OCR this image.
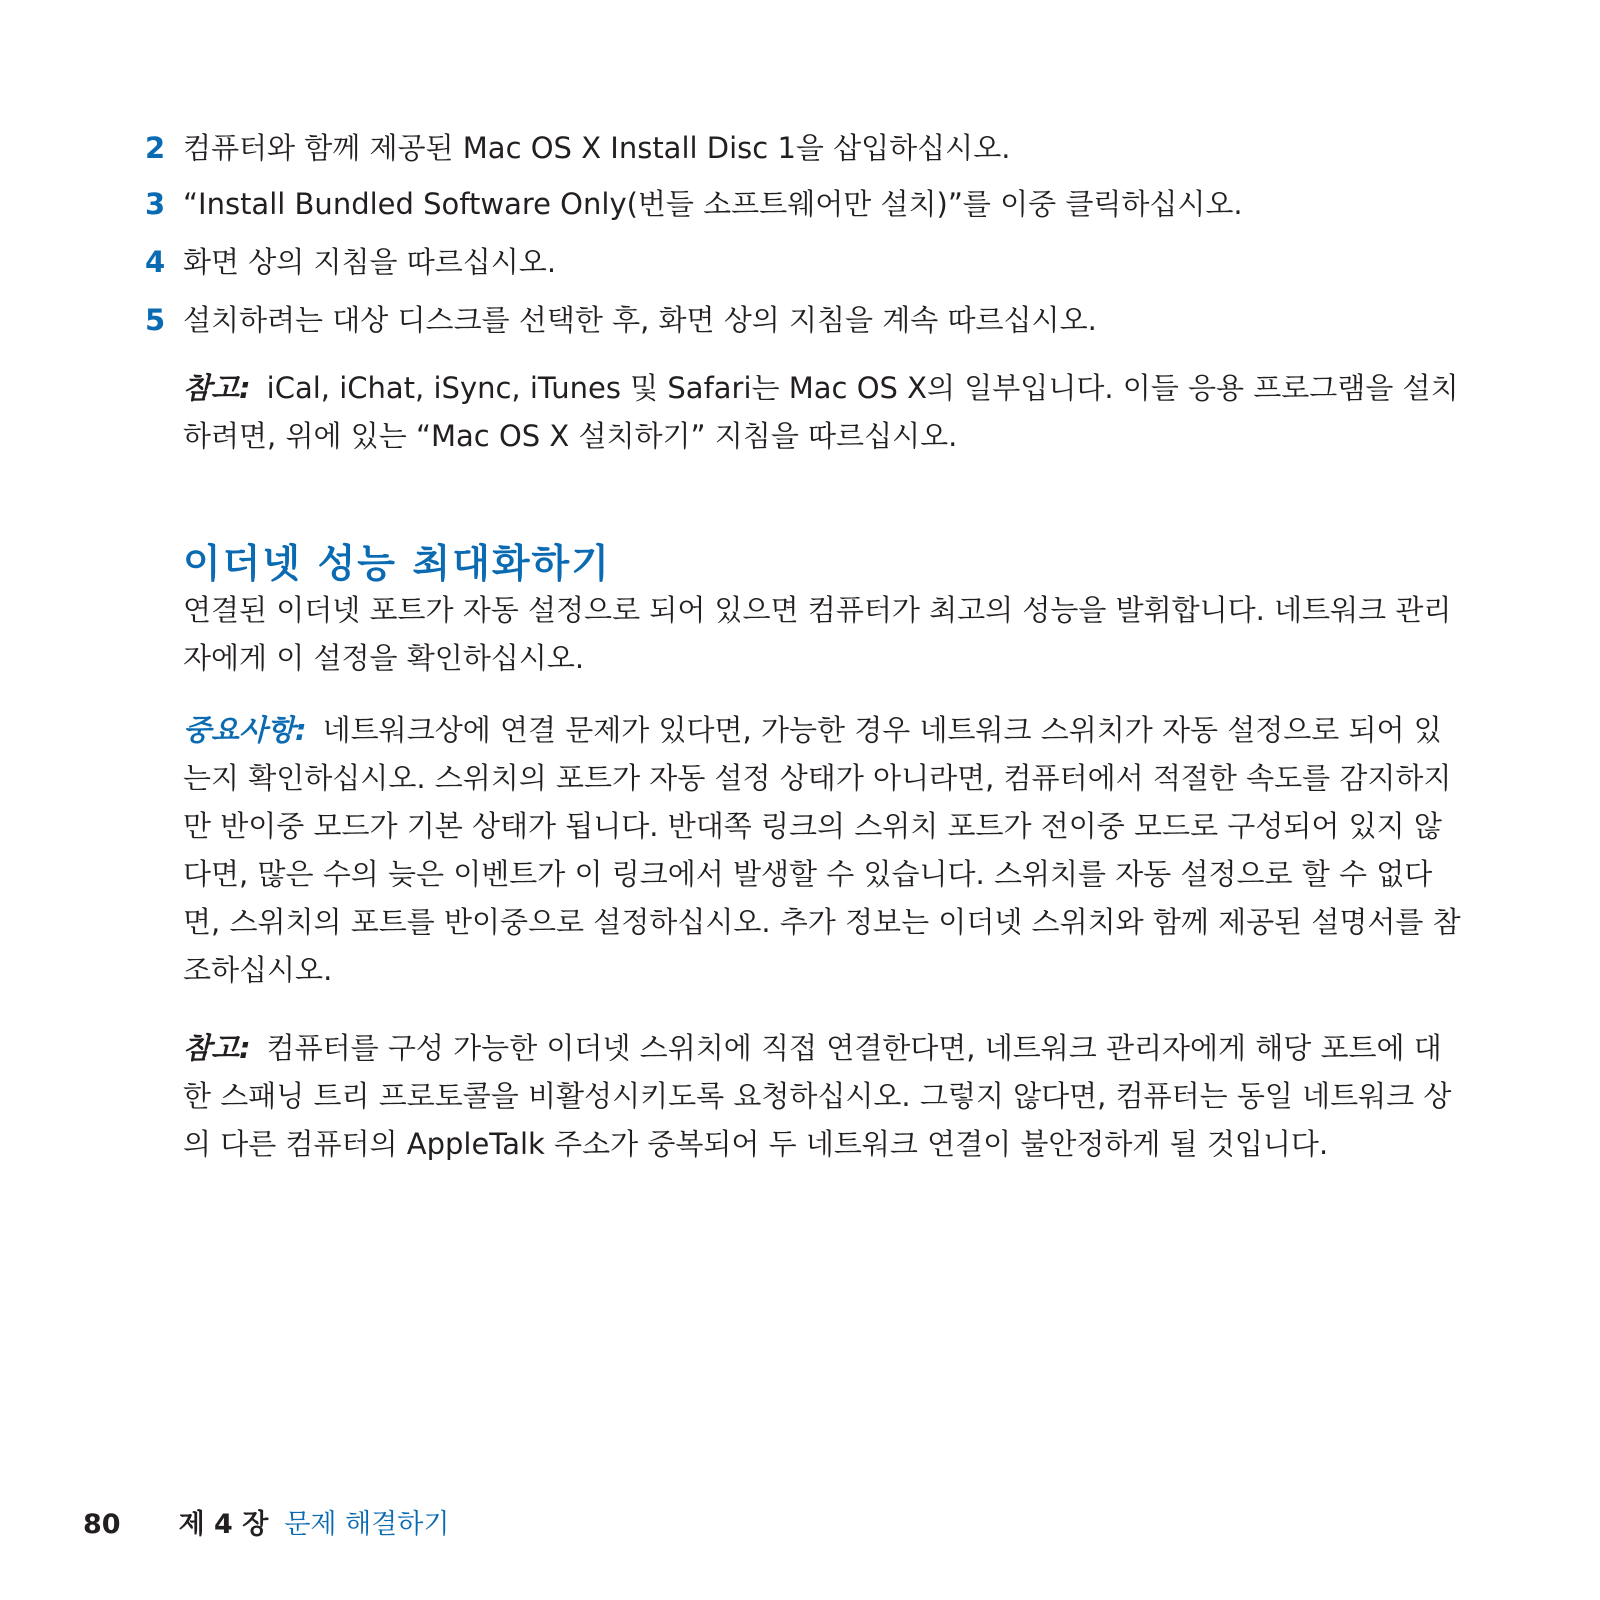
2 컴퓨터와 함께 제공된 Mac OS X Install Disc 1을 삽입하십시오.
3 “Install Bundled Software Only(번들 소프트웨어만 설치)”를 이중 클릭하십시오.
4 화면 상의 지침을 따르십시오.
5 설치하려는 대상 디스크를 선택한 후, 화면 상의 지침을 계속 따르십시오.
참고: iCal, iChat, iSync, iTunes 및 Safari는 Mac OS X의 일부입니다. 이들 응용 프로그램을 설치하려면, 위에 있는 “Mac OS X 설치하기” 지침을 따르십시오.
이더넷 성능 최대화하기
연결된 이더넷 포트가 자동 설정으로 되어 있으면 컴퓨터가 최고의 성능을 발휘합니다. 네트워크 관리자에게 이 설정을 확인하십시오.
중요사항: 네트워크상에 연결 문제가 있다면, 가능한 경우 네트워크 스위치가 자동 설정으로 되어 있는지 확인하십시오. 스위치의 포트가 자동 설정 상태가 아니라면, 컴퓨터에서 적절한 속도를 감지하지만 반이중 모드가 기본 상태가 됩니다. 반대쪽 링크의 스위치 포트가 전이중 모드로 구성되어 있지 않다면, 많은 수의 늦은 이벤트가 이 링크에서 발생할 수 있습니다. 스위치를 자동 설정으로 할 수 없다면, 스위치의 포트를 반이중으로 설정하십시오. 추가 정보는 이더넷 스위치와 함께 제공된 설명서를 참조하십시오.
참고: 컴퓨터를 구성 가능한 이더넷 스위치에 직접 연결한다면, 네트워크 관리자에게 해당 포트에 대한 스패닝 트리 프로토콜을 비활성시키도록 요청하십시오. 그렇지 않다면, 컴퓨터는 동일 네트워크 상의 다른 컴퓨터의 AppleTalk 주소가 중복되어 두 네트워크 연결이 불안정하게 될 것입니다.
80 제 4 장 문제 해결하기
